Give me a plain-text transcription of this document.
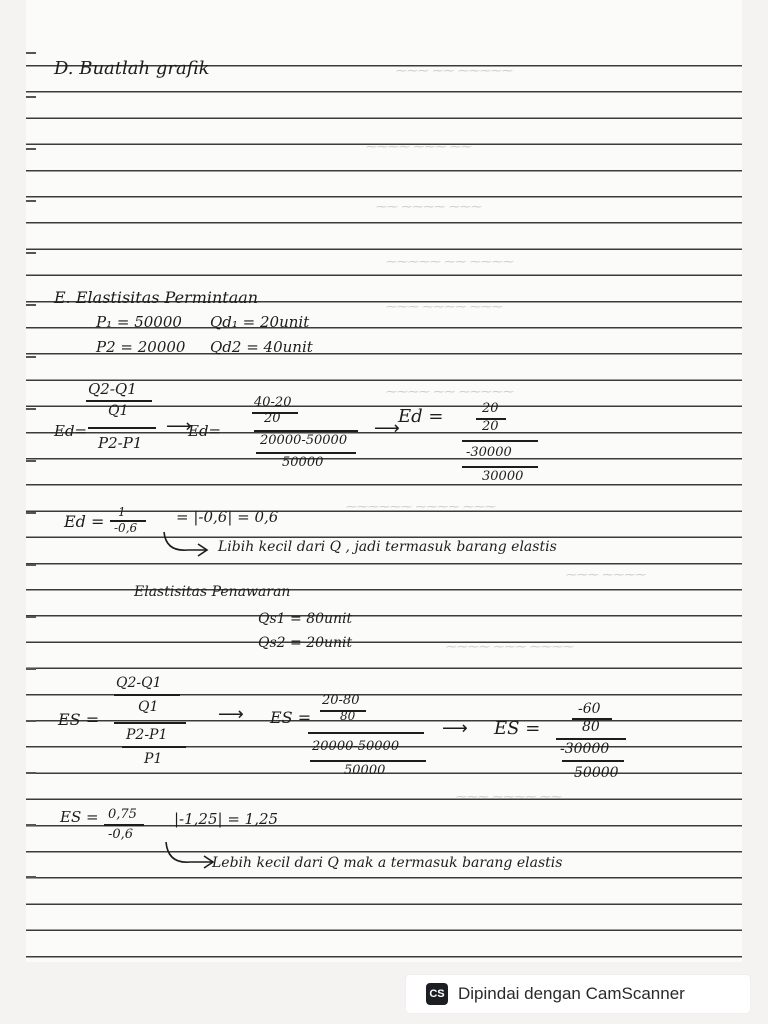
⁓⁓⁓ ⁓⁓ ⁓⁓⁓⁓⁓
⁓⁓⁓⁓ ⁓⁓⁓ ⁓⁓
⁓⁓ ⁓⁓⁓⁓ ⁓⁓⁓
⁓⁓⁓⁓⁓ ⁓⁓ ⁓⁓⁓⁓
⁓⁓⁓ ⁓⁓⁓⁓ ⁓⁓⁓
⁓⁓⁓⁓ ⁓⁓ ⁓⁓⁓⁓⁓
⁓⁓⁓⁓⁓⁓ ⁓⁓⁓⁓ ⁓⁓⁓
⁓⁓⁓ ⁓⁓⁓⁓
⁓⁓⁓⁓ ⁓⁓⁓ ⁓⁓⁓⁓
⁓⁓⁓ ⁓⁓⁓⁓ ⁓⁓
D. Buatlah grafik
E. Elastisitas Permintaan
P₁ = 50000 Qd₁ = 20unit
P2 = 20000 Qd2 = 40unit
Q2-Q1
Q1
Ed=
P2-P1
⟶
Ed=
40-20
20
20000-50000
50000
⟶
Ed =	20
20
-30000
30000
Ed = 1
-0,6
= |-0,6| = 0,6
Libih kecil dari Q , jadi termasuk barang elastis
Elastisitas Penawaran
Qs1 = 80unit
Qs2 = 20unit
Q2-Q1
Q1
ES =
P2-P1
P1
⟶ ES =
20-80
80
20000-50000
50000
⟶ ES =
-60
80
-30000
50000
ES = 0,75
-0,6
|-1,25| = 1,25
Lebih kecil dari Q mak a termasuk barang elastis
CS Dipindai dengan CamScanner
